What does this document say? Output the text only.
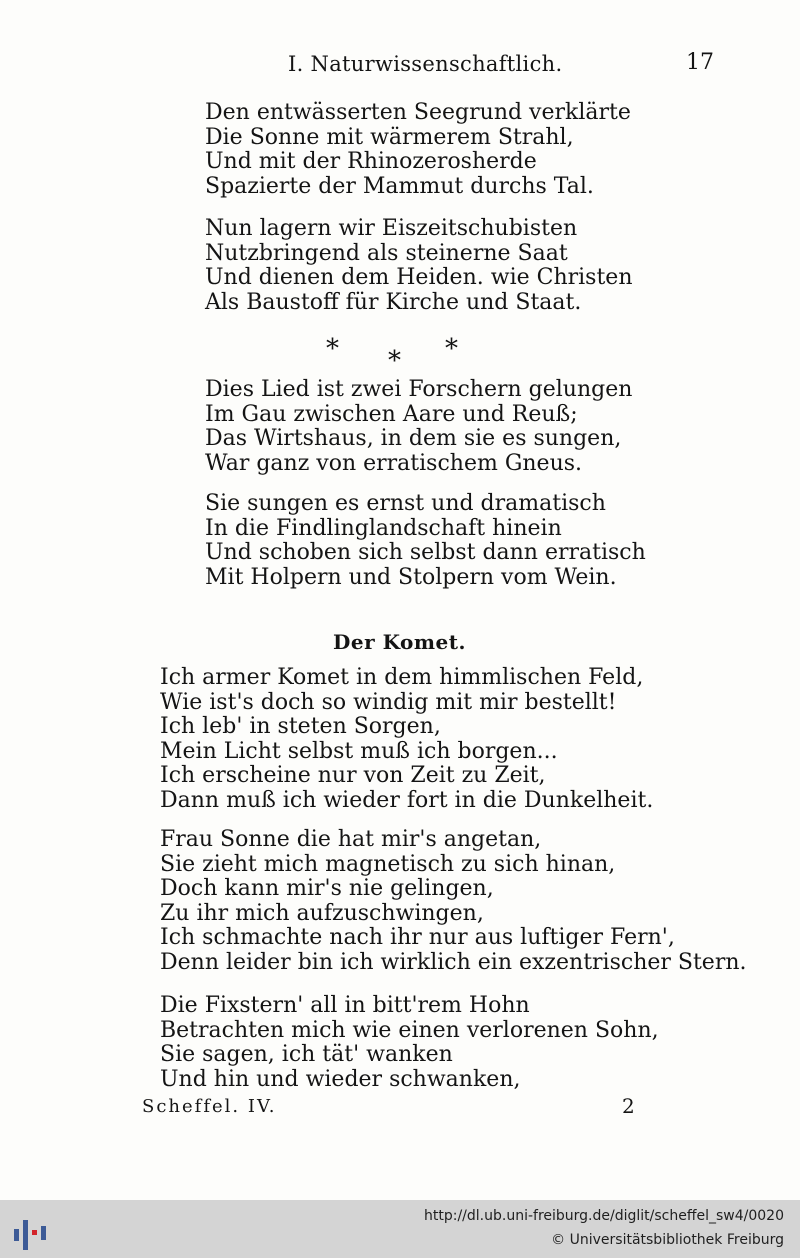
I. Naturwissenschaftlich.	17
Den entwässerten Seegrund verklärte
Die Sonne mit wärmerem Strahl,
Und mit der Rhinozerosherde
Spazierte der Mammut durchs Tal.
Nun lagern wir Eiszeitschubisten
Nutzbringend als steinerne Saat
Und dienen dem Heiden. wie Christen
Als Baustoff für Kirche und Staat.
*	*
*
Dies Lied ist zwei Forschern gelungen
Im Gau zwischen Aare und Reuß;
Das Wirtshaus, in dem sie es sungen,
War ganz von erratischem Gneus.
Sie sungen es ernst und dramatisch
In die Findlinglandschaft hinein
Und schoben sich selbst dann erratisch
Mit Holpern und Stolpern vom Wein.
Der Komet.
Ich armer Komet in dem himmlischen Feld,
Wie ist's doch so windig mit mir bestellt!
Ich leb' in steten Sorgen,
Mein Licht selbst muß ich borgen...
Ich erscheine nur von Zeit zu Zeit,
Dann muß ich wieder fort in die Dunkelheit.
Frau Sonne die hat mir's angetan,
Sie zieht mich magnetisch zu sich hinan,
Doch kann mir's nie gelingen,
Zu ihr mich aufzuschwingen,
Ich schmachte nach ihr nur aus luftiger Fern',
Denn leider bin ich wirklich ein exzentrischer Stern.
Die Fixstern' all in bitt'rem Hohn
Betrachten mich wie einen verlorenen Sohn,
Sie sagen, ich tät' wanken
Und hin und wieder schwanken,
Scheffel. IV.	2
http://dl.ub.uni-freiburg.de/diglit/scheffel_sw4/0020
© Universitätsbibliothek Freiburg
